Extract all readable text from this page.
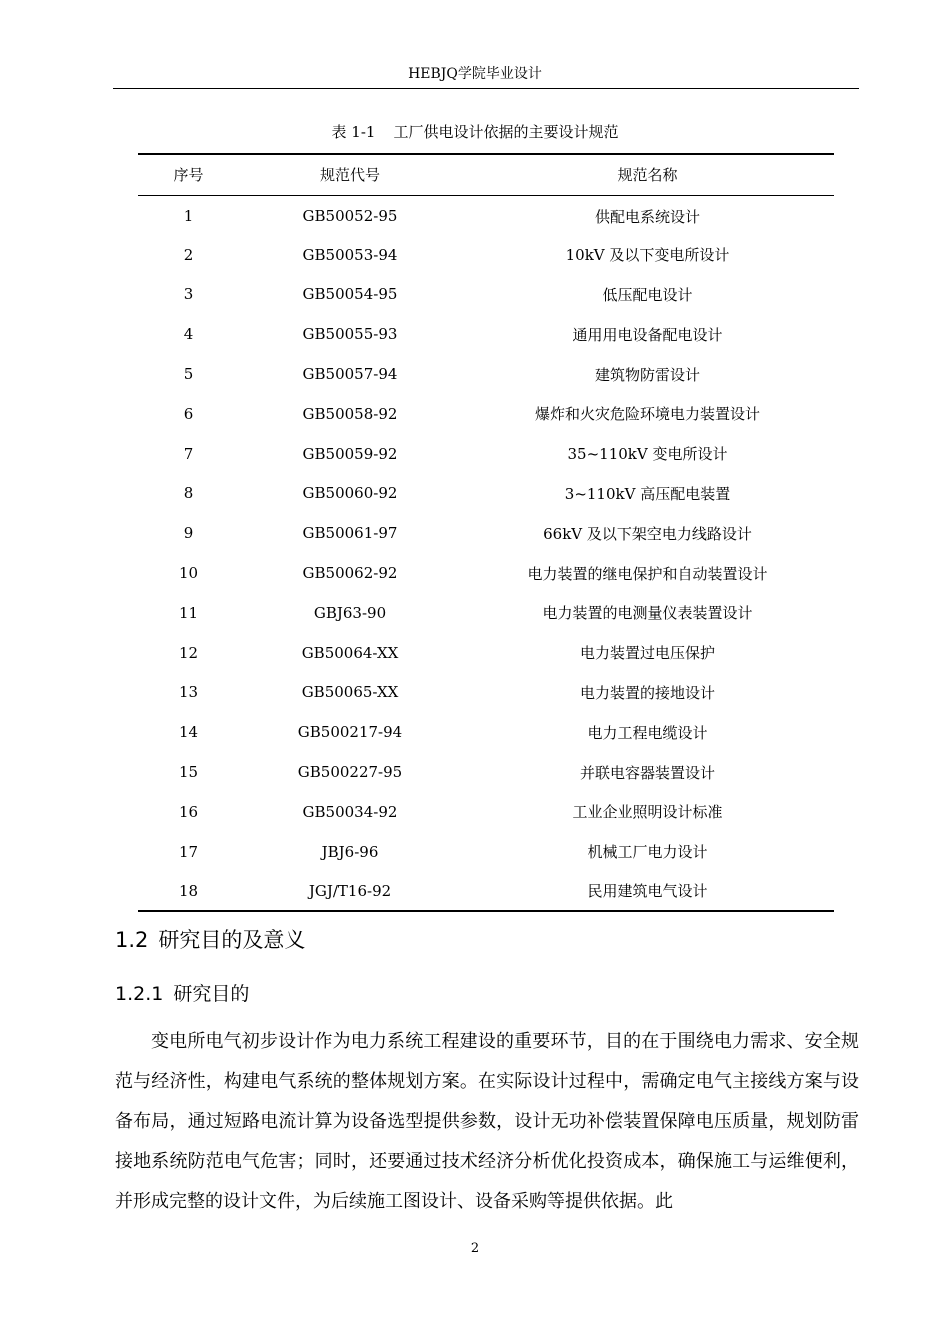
HEBJQ学院毕业设计
表 1-1 工厂供电设计依据的主要设计规范
序号	规范代号	规范名称
1	GB50052-95	供配电系统设计
2	GB50053-94	10kV 及以下变电所设计
3	GB50054-95	低压配电设计
4	GB50055-93	通用用电设备配电设计
5	GB50057-94	建筑物防雷设计
6	GB50058-92	爆炸和火灾危险环境电力装置设计
7	GB50059-92	35~110kV 变电所设计
8	GB50060-92	3~110kV 高压配电装置
9	GB50061-97	66kV 及以下架空电力线路设计
10	GB50062-92	电力装置的继电保护和自动装置设计
11	GBJ63-90	电力装置的电测量仪表装置设计
12	GB50064-XX	电力装置过电压保护
13	GB50065-XX	电力装置的接地设计
14	GB500217-94	电力工程电缆设计
15	GB500227-95	并联电容器装置设计
16	GB50034-92	工业企业照明设计标准
17	JBJ6-96	机械工厂电力设计
18	JGJ/T16-92	民用建筑电气设计
1.2 研究目的及意义
1.2.1 研究目的

变电所电气初步设计作为电力系统工程建设的重要环节，目的在于围绕电力需求、安全规范与经济性，构建电气系统的整体规划方案。在实际设计过程中，需确定电气主接线方案与设备布局，通过短路电流计算为设备选型提供参数，设计无功补偿装置保障电压质量，规划防雷接地系统防范电气危害；同时，还要通过技术经济分析优化投资成本，确保施工与运维便利，并形成完整的设计文件，为后续施工图设计、设备采购等提供依据。此

2
